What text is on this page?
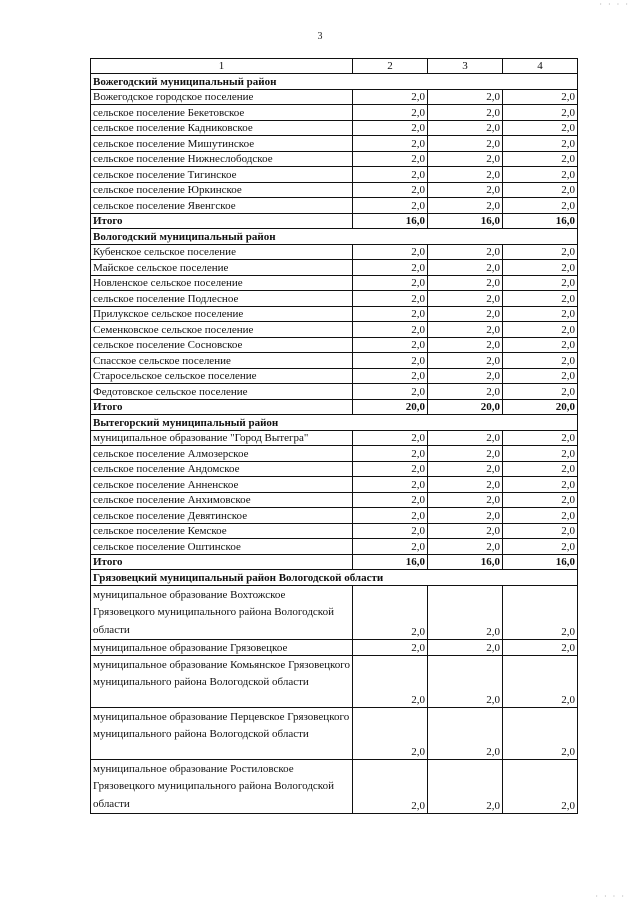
· · · ·
3
1	2	3	4
Вожегодский муниципальный район			
Вожегодское городское поселение	2,0	2,0	2,0
сельское поселение Бекетовское	2,0	2,0	2,0
сельское поселение Кадниковское	2,0	2,0	2,0
сельское поселение Мишутинское	2,0	2,0	2,0
сельское поселение Нижнеслободское	2,0	2,0	2,0
сельское поселение Тигинское	2,0	2,0	2,0
сельское поселение Юркинское	2,0	2,0	2,0
сельское поселение Явенгское	2,0	2,0	2,0
Итого	16,0	16,0	16,0
Вологодский муниципальный район			
Кубенское сельское поселение	2,0	2,0	2,0
Майское сельское поселение	2,0	2,0	2,0
Новленское сельское поселение	2,0	2,0	2,0
сельское поселение Подлесное	2,0	2,0	2,0
Прилукское сельское поселение	2,0	2,0	2,0
Семенковское сельское поселение	2,0	2,0	2,0
сельское поселение Сосновское	2,0	2,0	2,0
Спасское сельское поселение	2,0	2,0	2,0
Старосельское сельское поселение	2,0	2,0	2,0
Федотовское сельское поселение	2,0	2,0	2,0
Итого	20,0	20,0	20,0
Вытегорский муниципальный район			
муниципальное образование "Город Вытегра"	2,0	2,0	2,0
сельское поселение Алмозерское	2,0	2,0	2,0
сельское поселение Андомское	2,0	2,0	2,0
сельское поселение Анненское	2,0	2,0	2,0
сельское поселение Анхимовское	2,0	2,0	2,0
сельское поселение Девятинское	2,0	2,0	2,0
сельское поселение Кемское	2,0	2,0	2,0
сельское поселение Оштинское	2,0	2,0	2,0
Итого	16,0	16,0	16,0
Грязовецкий муниципальный район Вологодской области			
муниципальное образование Вохтожское Грязовецкого муниципального района Вологодской области	2,0	2,0	2,0
муниципальное образование Грязовецкое	2,0	2,0	2,0
муниципальное образование Комьянское Грязовецкого муниципального района Вологодской области	2,0	2,0	2,0
муниципальное образование Перцевское Грязовецкого муниципального района Вологодской области	2,0	2,0	2,0
муниципальное образование Ростиловское Грязовецкого муниципального района Вологодской области	2,0	2,0	2,0
· · · ·
